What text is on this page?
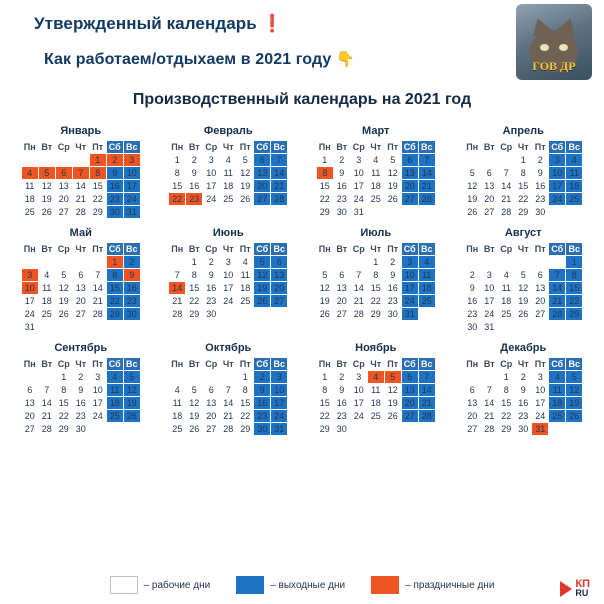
Утвержденный календарь ❗
Как работаем/отдыхаем в 2021 году 👇	ГОВ ДР
Производственный календарь на 2021 год
Январь
Пн	Вт	Ср	Чт	Пт	Сб	Вс
				1	2	3
4	5	6	7	8	9	10
11	12	13	14	15	16	17
18	19	20	21	22	23	24
25	26	27	28	29	30	31
Февраль
Пн	Вт	Ср	Чт	Пт	Сб	Вс
1	2	3	4	5	6	7
8	9	10	11	12	13	14
15	16	17	18	19	20	21
22	23	24	25	26	27	28
Март
Пн	Вт	Ср	Чт	Пт	Сб	Вс
1	2	3	4	5	6	7
8	9	10	11	12	13	14
15	16	17	18	19	20	21
22	23	24	25	26	27	28
29	30	31				
Апрель
Пн	Вт	Ср	Чт	Пт	Сб	Вс
			1	2	3	4
5	6	7	8	9	10	11
12	13	14	15	16	17	18
19	20	21	22	23	24	25
26	27	28	29	30		
Май
Пн	Вт	Ср	Чт	Пт	Сб	Вс
					1	2
3	4	5	6	7	8	9
10	11	12	13	14	15	16
17	18	19	20	21	22	23
24	25	26	27	28	29	30
31						
Июнь
Пн	Вт	Ср	Чт	Пт	Сб	Вс
	1	2	3	4	5	6
7	8	9	10	11	12	13
14	15	16	17	18	19	20
21	22	23	24	25	26	27
28	29	30				
Июль
Пн	Вт	Ср	Чт	Пт	Сб	Вс
			1	2	3	4
5	6	7	8	9	10	11
12	13	14	15	16	17	18
19	20	21	22	23	24	25
26	27	28	29	30	31	
Август
Пн	Вт	Ср	Чт	Пт	Сб	Вс
						1
2	3	4	5	6	7	8
9	10	11	12	13	14	15
16	17	18	19	20	21	22
23	24	25	26	27	28	29
30	31					
Сентябрь
Пн	Вт	Ср	Чт	Пт	Сб	Вс
		1	2	3	4	5
6	7	8	9	10	11	12
13	14	15	16	17	18	19
20	21	22	23	24	25	26
27	28	29	30			
Октябрь
Пн	Вт	Ср	Чт	Пт	Сб	Вс
				1	2	3
4	5	6	7	8	9	10
11	12	13	14	15	16	17
18	19	20	21	22	23	24
25	26	27	28	29	30	31
Ноябрь
Пн	Вт	Ср	Чт	Пт	Сб	Вс
1	2	3	4	5	6	7
8	9	10	11	12	13	14
15	16	17	18	19	20	21
22	23	24	25	26	27	28
29	30					
Декабрь
Пн	Вт	Ср	Чт	Пт	Сб	Вс
		1	2	3	4	5
6	7	8	9	10	11	12
13	14	15	16	17	18	19
20	21	22	23	24	25	26
27	28	29	30	31		
– рабочие дни	– выходные дни	– праздничные дни	КП
RU
